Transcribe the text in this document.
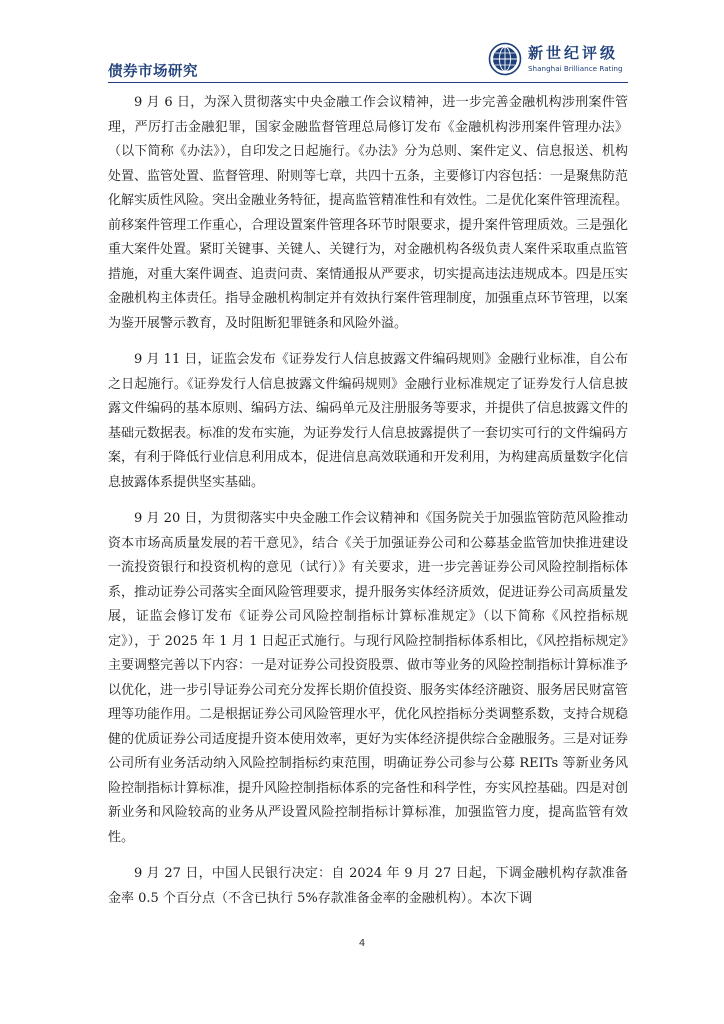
债券市场研究
新世纪评级
Shanghai Brilliance Rating

9 月 6 日，为深入贯彻落实中央金融工作会议精神，进一步完善金融机构涉刑案件管理，严厉打击金融犯罪，国家金融监督管理总局修订发布《金融机构涉刑案件管理办法》（以下简称《办法》），自印发之日起施行。《办法》分为总则、案件定义、信息报送、机构处置、监管处置、监督管理、附则等七章，共四十五条，主要修订内容包括：一是聚焦防范化解实质性风险。突出金融业务特征，提高监管精准性和有效性。二是优化案件管理流程。前移案件管理工作重心，合理设置案件管理各环节时限要求，提升案件管理质效。三是强化重大案件处置。紧盯关键事、关键人、关键行为，对金融机构各级负责人案件采取重点监管措施，对重大案件调查、追责问责、案情通报从严要求，切实提高违法违规成本。四是压实金融机构主体责任。指导金融机构制定并有效执行案件管理制度，加强重点环节管理，以案为鉴开展警示教育，及时阻断犯罪链条和风险外溢。

9 月 11 日，证监会发布《证券发行人信息披露文件编码规则》金融行业标准，自公布之日起施行。《证券发行人信息披露文件编码规则》金融行业标准规定了证券发行人信息披露文件编码的基本原则、编码方法、编码单元及注册服务等要求，并提供了信息披露文件的基础元数据表。标准的发布实施，为证券发行人信息披露提供了一套切实可行的文件编码方案，有利于降低行业信息利用成本，促进信息高效联通和开发利用，为构建高质量数字化信息披露体系提供坚实基础。

9 月 20 日，为贯彻落实中央金融工作会议精神和《国务院关于加强监管防范风险推动资本市场高质量发展的若干意见》，结合《关于加强证券公司和公募基金监管加快推进建设一流投资银行和投资机构的意见（试行）》有关要求，进一步完善证券公司风险控制指标体系，推动证券公司落实全面风险管理要求，提升服务实体经济质效，促进证券公司高质量发展，证监会修订发布《证券公司风险控制指标计算标准规定》（以下简称《风控指标规定》），于 2025 年 1 月 1 日起正式施行。与现行风险控制指标体系相比，《风控指标规定》主要调整完善以下内容：一是对证券公司投资股票、做市等业务的风险控制指标计算标准予以优化，进一步引导证券公司充分发挥长期价值投资、服务实体经济融资、服务居民财富管理等功能作用。二是根据证券公司风险管理水平，优化风控指标分类调整系数，支持合规稳健的优质证券公司适度提升资本使用效率，更好为实体经济提供综合金融服务。三是对证券公司所有业务活动纳入风险控制指标约束范围，明确证券公司参与公募 REITs 等新业务风险控制指标计算标准，提升风险控制指标体系的完备性和科学性，夯实风控基础。四是对创新业务和风险较高的业务从严设置风险控制指标计算标准，加强监管力度，提高监管有效性。

9 月 27 日，中国人民银行决定：自 2024 年 9 月 27 日起，下调金融机构存款准备金率 0.5 个百分点（不含已执行 5%存款准备金率的金融机构）。本次下调

4
